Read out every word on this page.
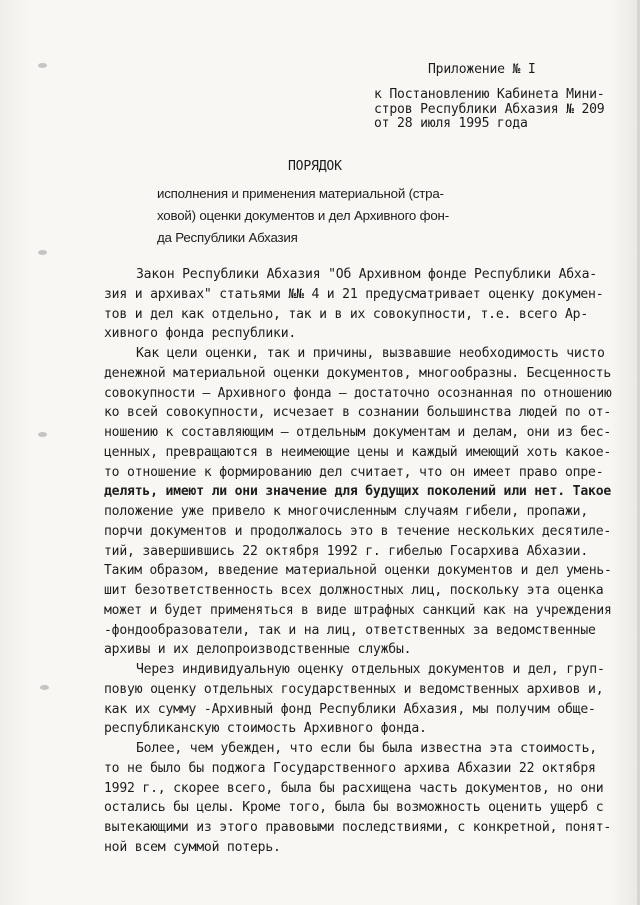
Приложение № I
к Постановлению Кабинета Мини-
стров Республики Абхазия № 209
от 28 июля 1995 года
ПОРЯДОК
исполнения и применения материальной (стра-
ховой) оценки документов и дел Архивного фон-
да Республики Абхазия
Закон Республики Абхазия "Об Архивном фонде Республики Абха-
зия и архивах" статьями №№ 4 и 21 предусматривает оценку докумен-
тов и дел как отдельно, так и в их совокупности, т.е. всего Ар-
хивного фонда республики.
Как цели оценки, так и причины, вызвавшие необходимость чисто
денежной материальной оценки документов, многообразны. Бесценность
совокупности – Архивного фонда – достаточно осознанная по отношению
ко всей совокупности, исчезает в сознании большинства людей по от-
ношению к составляющим – отдельным документам и делам, они из бес-
ценных, превращаются в неимеющие цены и каждый имеющий хоть какое-
то отношение к формированию дел считает, что он имеет право опре-
делять, имеют ли они значение для будущих поколений или нет. Такое
положение уже привело к многочисленным случаям гибели, пропажи,
порчи документов и продолжалось это в течение нескольких десятиле-
тий, завершившись 22 октября 1992 г. гибелью Госархива Абхазии.
Таким образом, введение материальной оценки документов и дел умень-
шит безответственность всех должностных лиц, поскольку эта оценка
может и будет применяться в виде штрафных санкций как на учреждения
-фондообразователи, так и на лиц, ответственных за ведомственные
архивы и их делопроизводственные службы.
Через индивидуальную оценку отдельных документов и дел, груп-
повую оценку отдельных государственных и ведомственных архивов и,
как их сумму -Архивный фонд Республики Абхазия, мы получим обще-
республиканскую стоимость Архивного фонда.
Более, чем убежден, что если бы была известна эта стоимость,
то не было бы поджога Государственного архива Абхазии 22 октября
1992 г., скорее всего, была бы расхищена часть документов, но они
остались бы целы. Кроме того, была бы возможность оценить ущерб с
вытекающими из этого правовыми последствиями, с конкретной, понят-
ной всем суммой потерь.
